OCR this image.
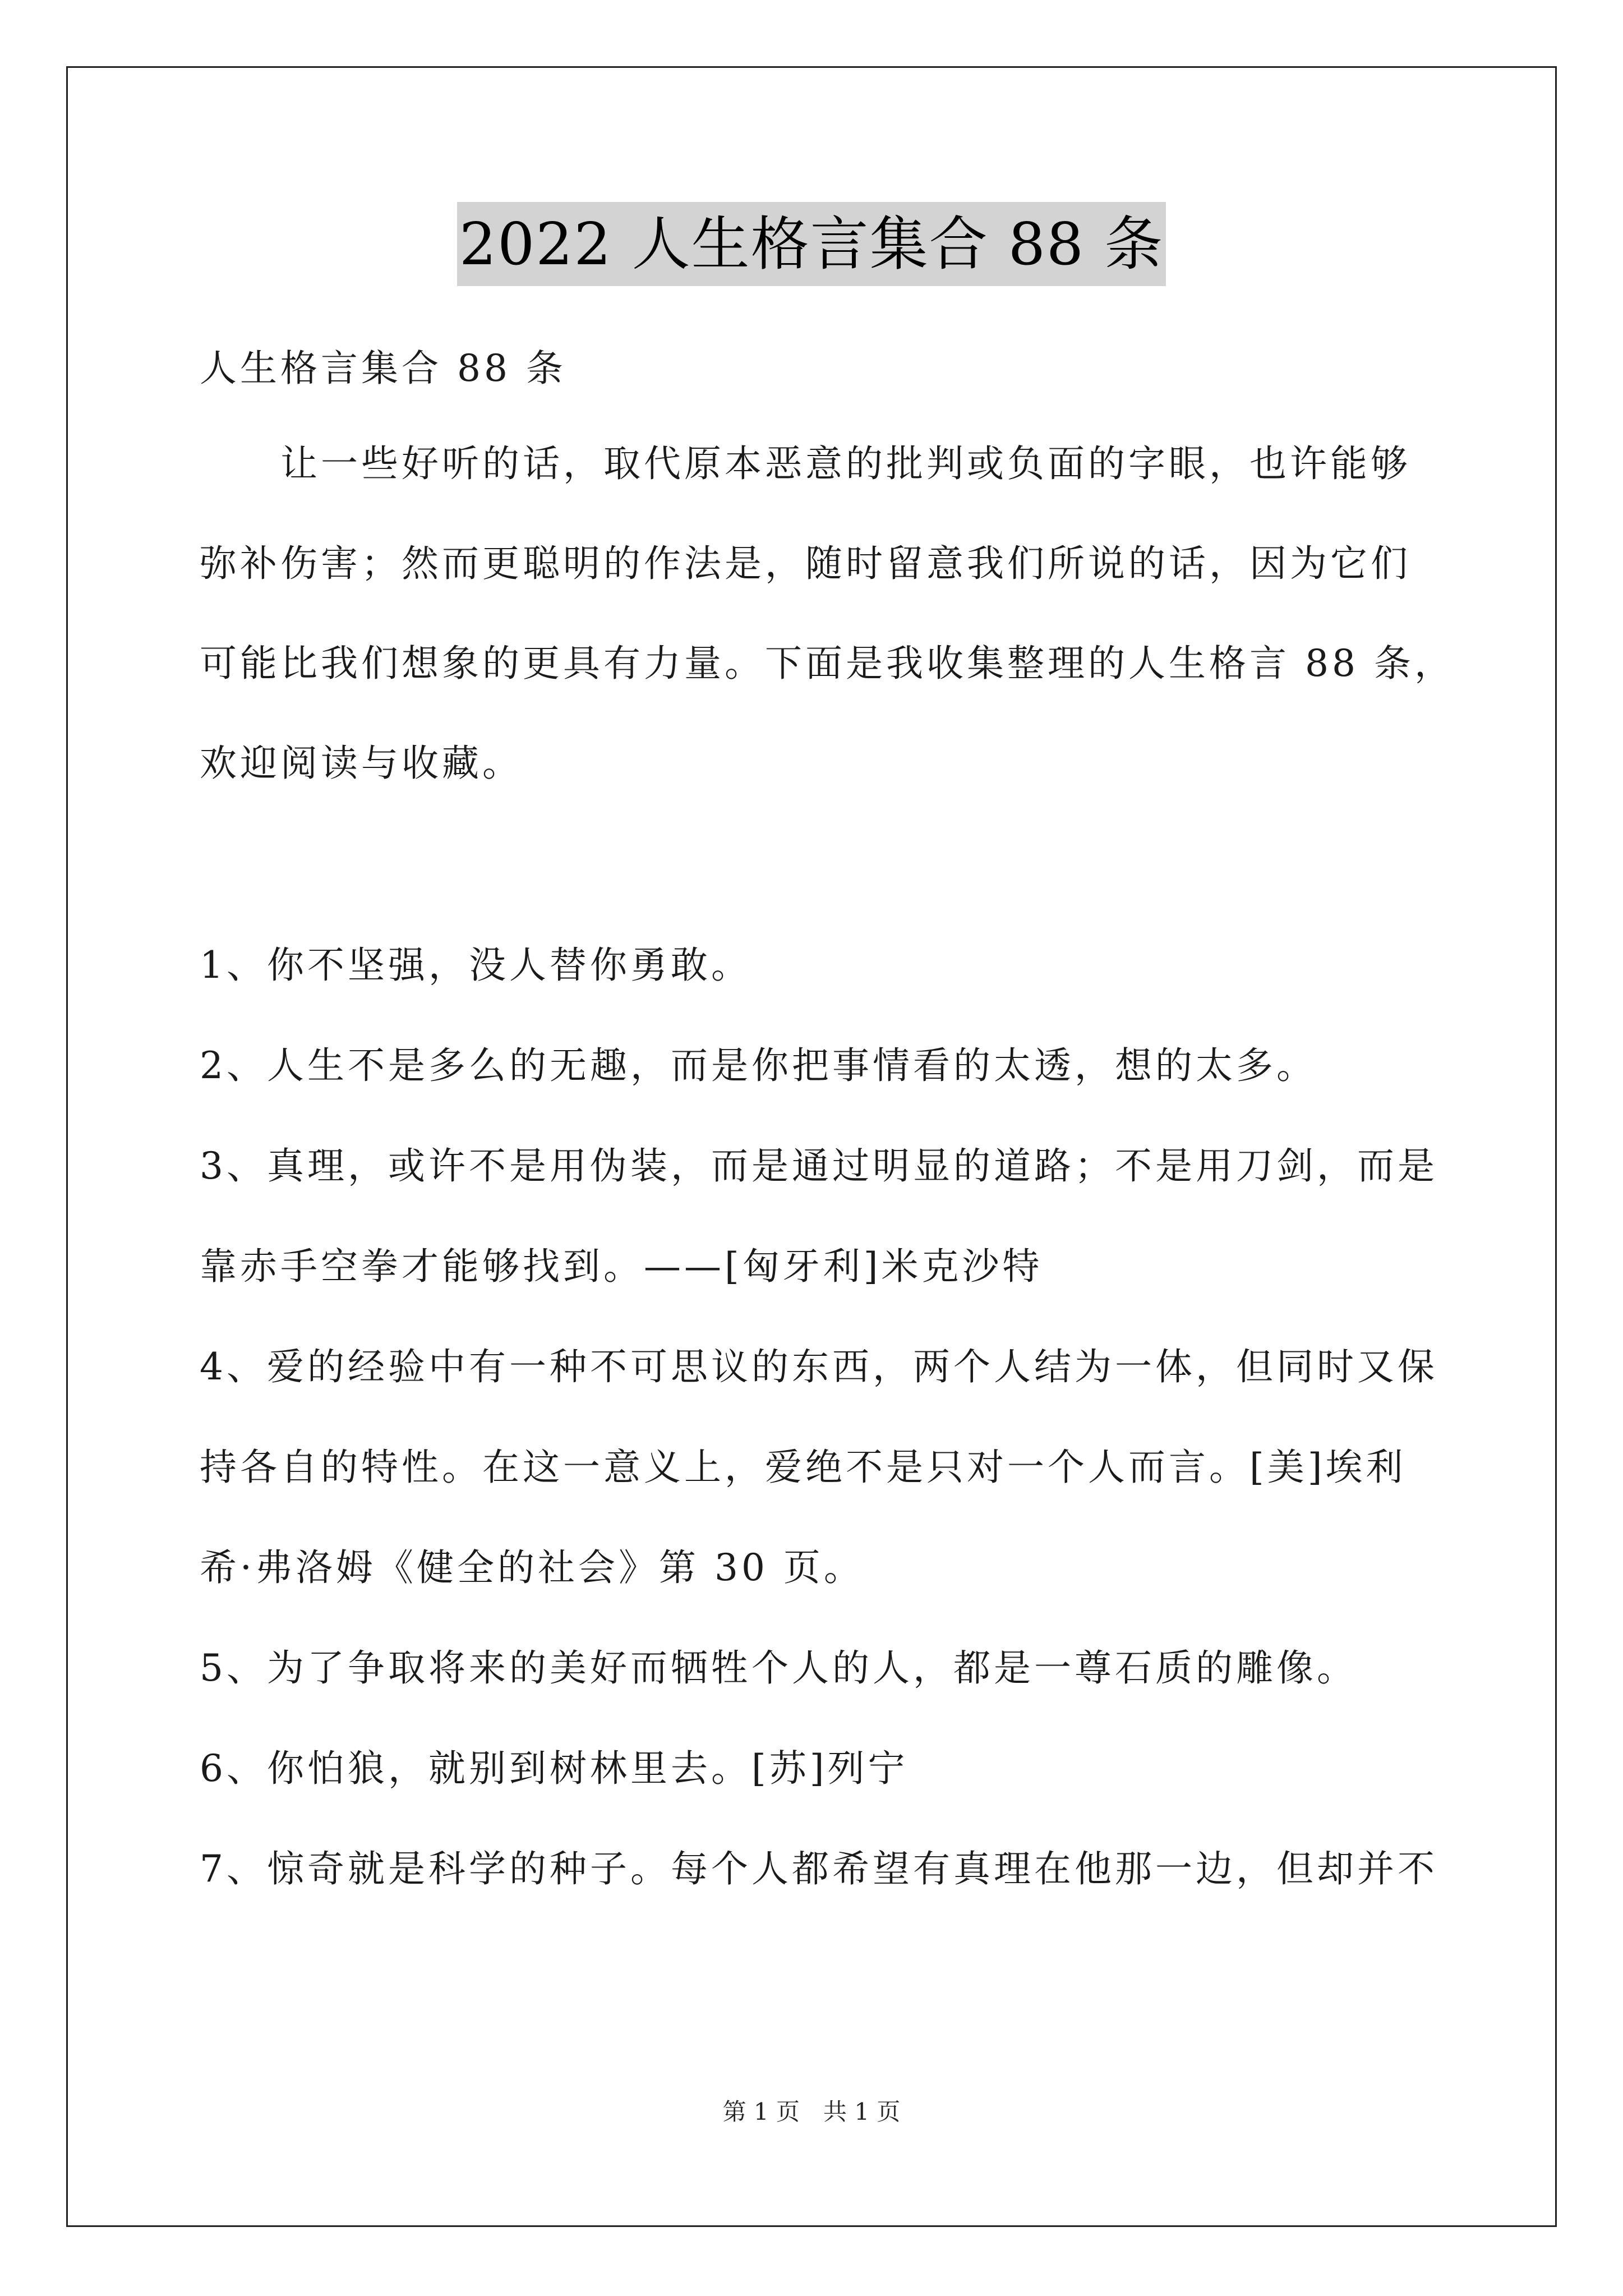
2022 人生格言集合 88 条
人生格言集合 88 条
　　让一些好听的话，取代原本恶意的批判或负面的字眼，也许能够
弥补伤害；然而更聪明的作法是，随时留意我们所说的话，因为它们
可能比我们想象的更具有力量。下面是我收集整理的人生格言 88 条，
欢迎阅读与收藏。
1、你不坚强，没人替你勇敢。
2、人生不是多么的无趣，而是你把事情看的太透，想的太多。
3、真理，或许不是用伪装，而是通过明显的道路；不是用刀剑，而是
靠赤手空拳才能够找到。——[匈牙利]米克沙特
4、爱的经验中有一种不可思议的东西，两个人结为一体，但同时又保
持各自的特性。在这一意义上，爱绝不是只对一个人而言。[美]埃利
希·弗洛姆《健全的社会》第 30 页。
5、为了争取将来的美好而牺牲个人的人，都是一尊石质的雕像。
6、你怕狼，就别到树林里去。[苏]列宁
7、惊奇就是科学的种子。每个人都希望有真理在他那一边，但却并不
第 1 页　共 1 页
